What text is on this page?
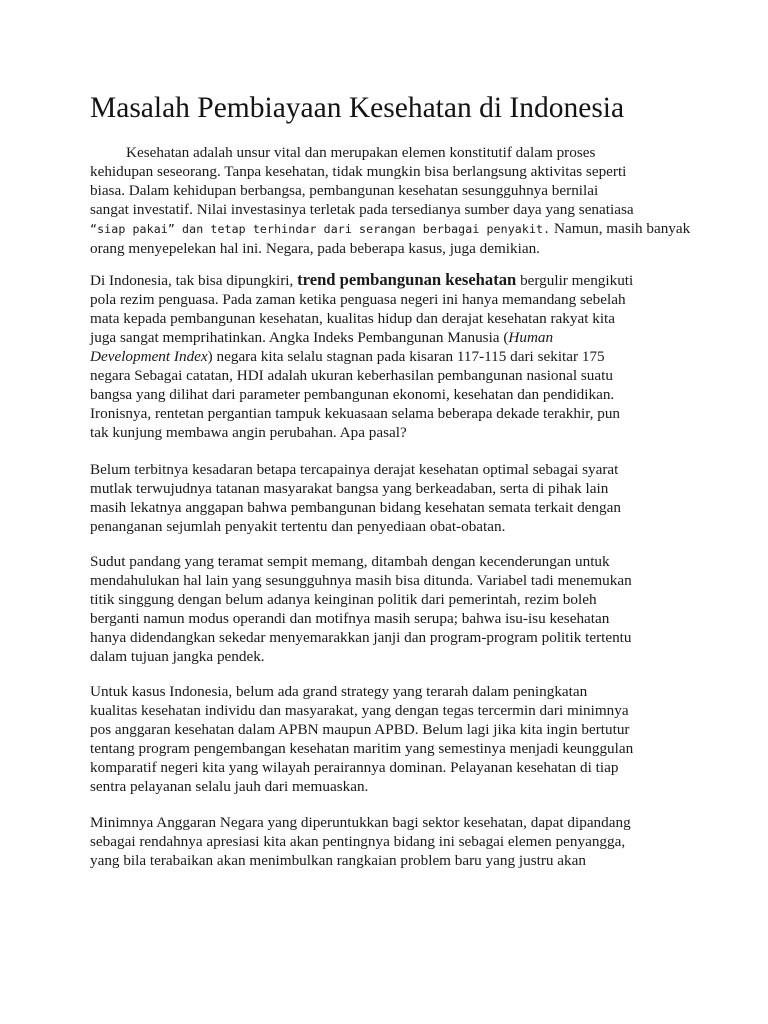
Masalah Pembiayaan Kesehatan di Indonesia
Kesehatan adalah unsur vital dan merupakan elemen konstitutif dalam proses
kehidupan seseorang. Tanpa kesehatan, tidak mungkin bisa berlangsung aktivitas seperti
biasa. Dalam kehidupan berbangsa, pembangunan kesehatan sesungguhnya bernilai
sangat investatif. Nilai investasinya terletak pada tersedianya sumber daya yang senatiasa
“siap pakai” dan tetap terhindar dari serangan berbagai penyakit. Namun, masih banyak
orang menyepelekan hal ini. Negara, pada beberapa kasus, juga demikian.
Di Indonesia, tak bisa dipungkiri, trend pembangunan kesehatan bergulir mengikuti
pola rezim penguasa. Pada zaman ketika penguasa negeri ini hanya memandang sebelah
mata kepada pembangunan kesehatan, kualitas hidup dan derajat kesehatan rakyat kita
juga sangat memprihatinkan. Angka Indeks Pembangunan Manusia (Human
Development Index) negara kita selalu stagnan pada kisaran 117-115 dari sekitar 175
negara Sebagai catatan, HDI adalah ukuran keberhasilan pembangunan nasional suatu
bangsa yang dilihat dari parameter pembangunan ekonomi, kesehatan dan pendidikan.
Ironisnya, rentetan pergantian tampuk kekuasaan selama beberapa dekade terakhir, pun
tak kunjung membawa angin perubahan. Apa pasal?
Belum terbitnya kesadaran betapa tercapainya derajat kesehatan optimal sebagai syarat
mutlak terwujudnya tatanan masyarakat bangsa yang berkeadaban, serta di pihak lain
masih lekatnya anggapan bahwa pembangunan bidang kesehatan semata terkait dengan
penanganan sejumlah penyakit tertentu dan penyediaan obat-obatan.
Sudut pandang yang teramat sempit memang, ditambah dengan kecenderungan untuk
mendahulukan hal lain yang sesungguhnya masih bisa ditunda. Variabel tadi menemukan
titik singgung dengan belum adanya keinginan politik dari pemerintah, rezim boleh
berganti namun modus operandi dan motifnya masih serupa; bahwa isu-isu kesehatan
hanya didendangkan sekedar menyemarakkan janji dan program-program politik tertentu
dalam tujuan jangka pendek.
Untuk kasus Indonesia, belum ada grand strategy yang terarah dalam peningkatan
kualitas kesehatan individu dan masyarakat, yang dengan tegas tercermin dari minimnya
pos anggaran kesehatan dalam APBN maupun APBD. Belum lagi jika kita ingin bertutur
tentang program pengembangan kesehatan maritim yang semestinya menjadi keunggulan
komparatif negeri kita yang wilayah perairannya dominan. Pelayanan kesehatan di tiap
sentra pelayanan selalu jauh dari memuaskan.
Minimnya Anggaran Negara yang diperuntukkan bagi sektor kesehatan, dapat dipandang
sebagai rendahnya apresiasi kita akan pentingnya bidang ini sebagai elemen penyangga,
yang bila terabaikan akan menimbulkan rangkaian problem baru yang justru akan
